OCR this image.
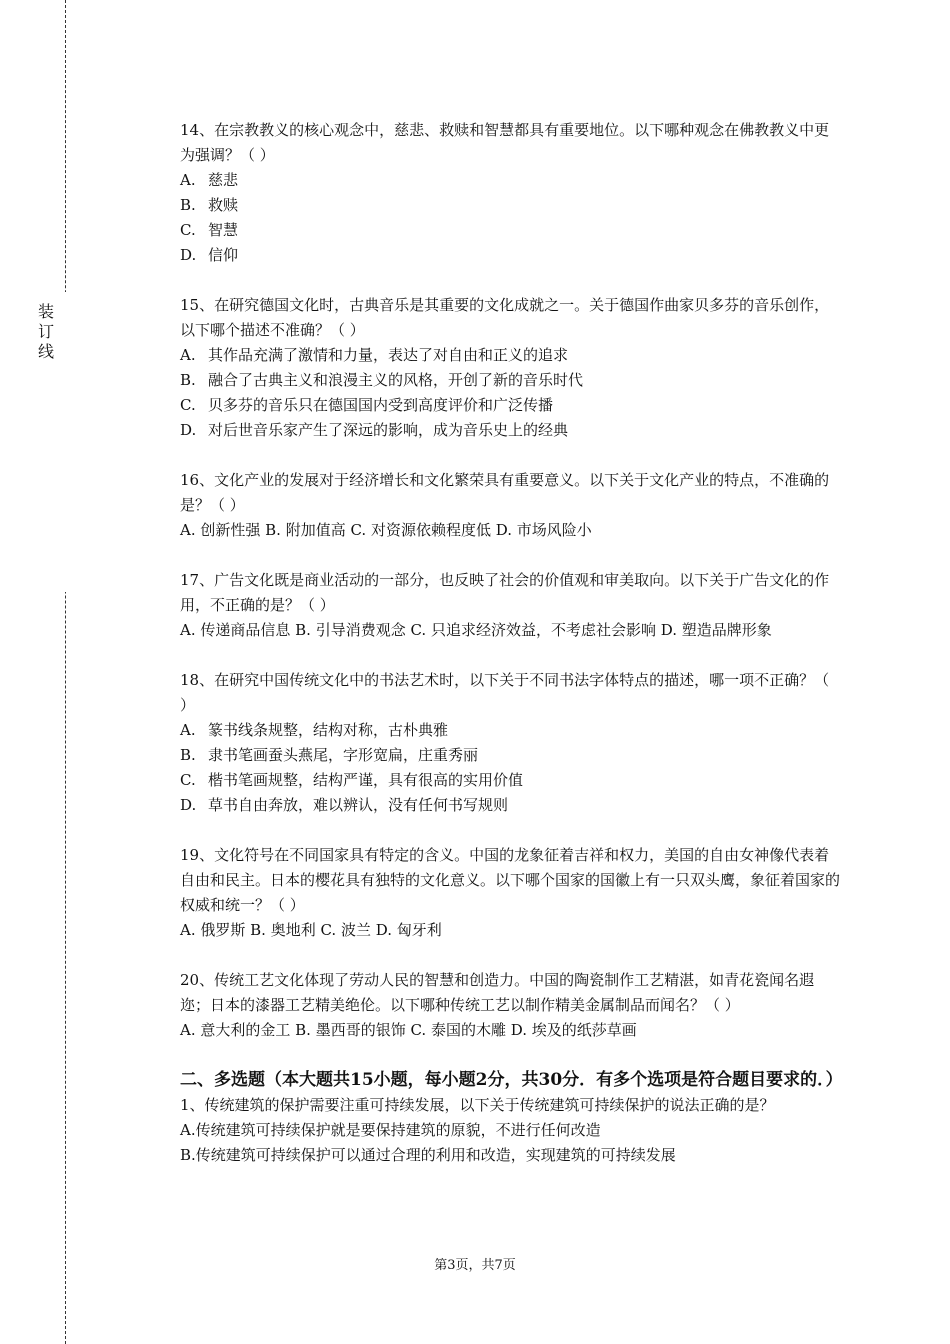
装
订
线

14、在宗教教义的核心观念中，慈悲、救赎和智慧都具有重要地位。以下哪种观念在佛教教义中更为强调？（ ）

A. 慈悲

B. 救赎

C. 智慧

D. 信仰

15、在研究德国文化时，古典音乐是其重要的文化成就之一。关于德国作曲家贝多芬的音乐创作，以下哪个描述不准确？（ ）

A. 其作品充满了激情和力量，表达了对自由和正义的追求

B. 融合了古典主义和浪漫主义的风格，开创了新的音乐时代

C. 贝多芬的音乐只在德国国内受到高度评价和广泛传播

D. 对后世音乐家产生了深远的影响，成为音乐史上的经典

16、文化产业的发展对于经济增长和文化繁荣具有重要意义。以下关于文化产业的特点，不准确的是？（ ）

A. 创新性强 B. 附加值高 C. 对资源依赖程度低 D. 市场风险小

17、广告文化既是商业活动的一部分，也反映了社会的价值观和审美取向。以下关于广告文化的作用，不正确的是？（ ）

A. 传递商品信息 B. 引导消费观念 C. 只追求经济效益，不考虑社会影响 D. 塑造品牌形象

18、在研究中国传统文化中的书法艺术时，以下关于不同书法字体特点的描述，哪一项不正确？（ ）

A. 篆书线条规整，结构对称，古朴典雅

B. 隶书笔画蚕头燕尾，字形宽扁，庄重秀丽

C. 楷书笔画规整，结构严谨，具有很高的实用价值

D. 草书自由奔放，难以辨认，没有任何书写规则

19、文化符号在不同国家具有特定的含义。中国的龙象征着吉祥和权力，美国的自由女神像代表着自由和民主。日本的樱花具有独特的文化意义。以下哪个国家的国徽上有一只双头鹰，象征着国家的权威和统一？（ ）

A. 俄罗斯 B. 奥地利 C. 波兰 D. 匈牙利

20、传统工艺文化体现了劳动人民的智慧和创造力。中国的陶瓷制作工艺精湛，如青花瓷闻名遐迩；日本的漆器工艺精美绝伦。以下哪种传统工艺以制作精美金属制品而闻名？（ ）

A. 意大利的金工 B. 墨西哥的银饰 C. 泰国的木雕 D. 埃及的纸莎草画

二、多选题（本大题共15小题，每小题2分，共30分．有多个选项是符合题目要求的．）

1、传统建筑的保护需要注重可持续发展，以下关于传统建筑可持续保护的说法正确的是？

A.传统建筑可持续保护就是要保持建筑的原貌，不进行任何改造

B.传统建筑可持续保护可以通过合理的利用和改造，实现建筑的可持续发展

第3页，共7页
